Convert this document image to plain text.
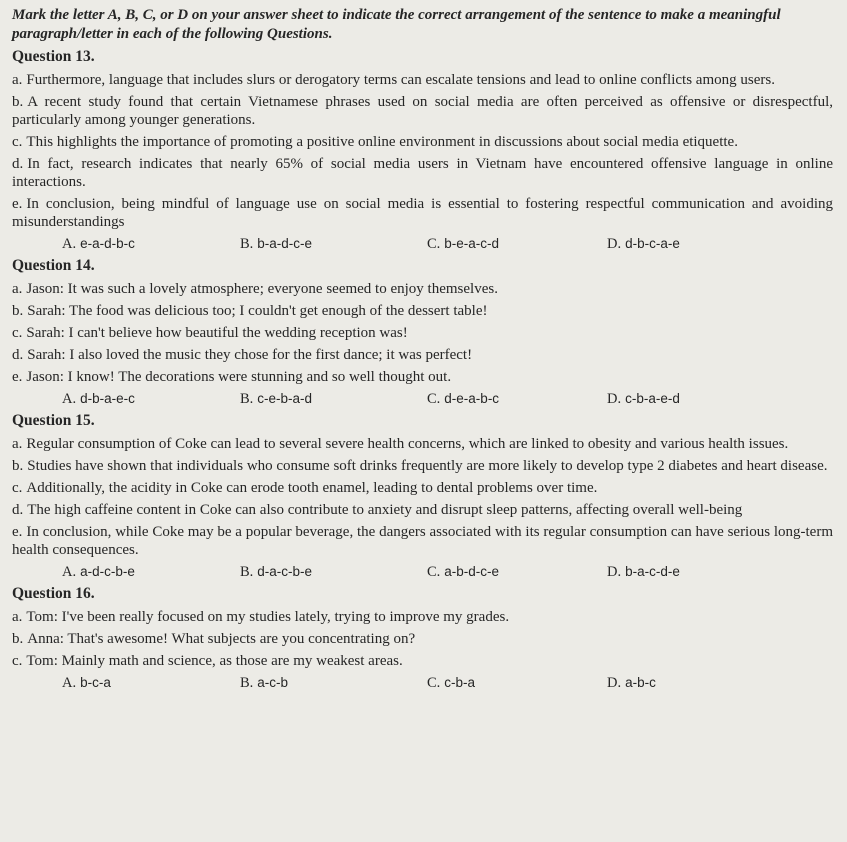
Mark the letter A, B, C, or D on your answer sheet to indicate the correct arrangement of the sentence to make a meaningful paragraph/letter in each of the following Questions.

Question 13.
a. Furthermore, language that includes slurs or derogatory terms can escalate tensions and lead to online conflicts among users.
b. A recent study found that certain Vietnamese phrases used on social media are often perceived as offensive or disrespectful, particularly among younger generations.
c. This highlights the importance of promoting a positive online environment in discussions about social media etiquette.
d. In fact, research indicates that nearly 65% of social media users in Vietnam have encountered offensive language in online interactions.
e. In conclusion, being mindful of language use on social media is essential to fostering respectful communication and avoiding misunderstandings
A. e-a-d-b-c	B. b-a-d-c-e	C. b-e-a-c-d	D. d-b-c-a-e
Question 14.
a. Jason: It was such a lovely atmosphere; everyone seemed to enjoy themselves.
b. Sarah: The food was delicious too; I couldn't get enough of the dessert table!
c. Sarah: I can't believe how beautiful the wedding reception was!
d. Sarah: I also loved the music they chose for the first dance; it was perfect!
e. Jason: I know! The decorations were stunning and so well thought out.
A. d-b-a-e-c	B. c-e-b-a-d	C. d-e-a-b-c	D. c-b-a-e-d
Question 15.
a. Regular consumption of Coke can lead to several severe health concerns, which are linked to obesity and various health issues.
b. Studies have shown that individuals who consume soft drinks frequently are more likely to develop type 2 diabetes and heart disease.
c. Additionally, the acidity in Coke can erode tooth enamel, leading to dental problems over time.
d. The high caffeine content in Coke can also contribute to anxiety and disrupt sleep patterns, affecting overall well-being
e. In conclusion, while Coke may be a popular beverage, the dangers associated with its regular consumption can have serious long-term health consequences.
A. a-d-c-b-e	B. d-a-c-b-e	C. a-b-d-c-e	D. b-a-c-d-e
Question 16.
a. Tom: I've been really focused on my studies lately, trying to improve my grades.
b. Anna: That's awesome! What subjects are you concentrating on?
c. Tom: Mainly math and science, as those are my weakest areas.
A. b-c-a	B. a-c-b	C. c-b-a	D. a-b-c
